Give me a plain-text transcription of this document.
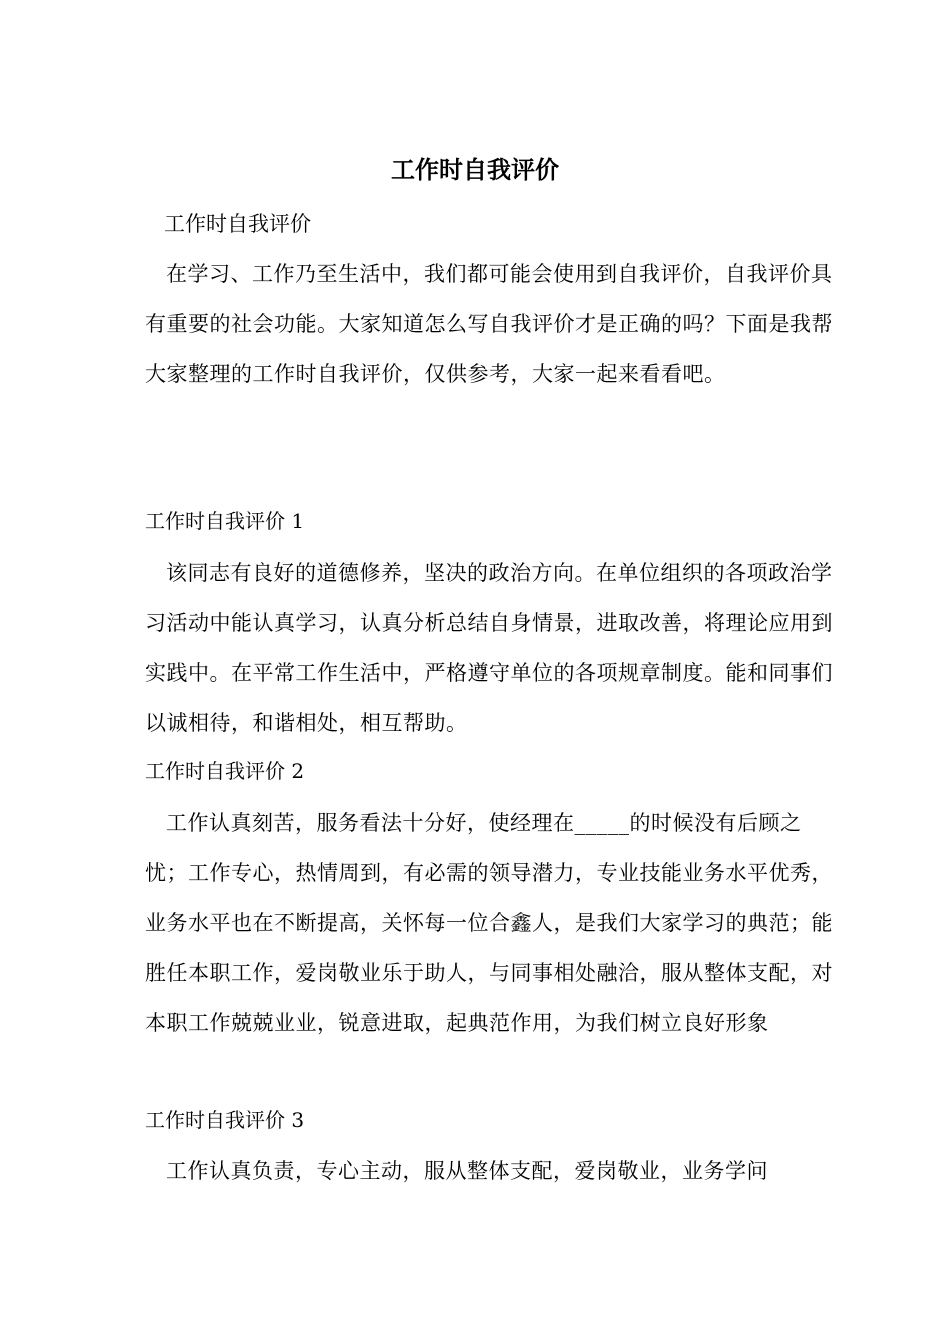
工作时自我评价
工作时自我评价

在学习、工作乃至生活中，我们都可能会使用到自我评价，自我评价具有重要的社会功能。大家知道怎么写自我评价才是正确的吗？下面是我帮大家整理的工作时自我评价，仅供参考，大家一起来看看吧。

工作时自我评价 1

该同志有良好的道德修养，坚决的政治方向。在单位组织的各项政治学习活动中能认真学习，认真分析总结自身情景，进取改善，将理论应用到实践中。在平常工作生活中，严格遵守单位的各项规章制度。能和同事们以诚相待，和谐相处，相互帮助。

工作时自我评价 2

工作认真刻苦，服务看法十分好，使经理在_____的时候没有后顾之忧；工作专心，热情周到，有必需的领导潜力，专业技能业务水平优秀，业务水平也在不断提高，关怀每一位合鑫人，是我们大家学习的典范；能胜任本职工作，爱岗敬业乐于助人，与同事相处融洽，服从整体支配，对本职工作兢兢业业，锐意进取，起典范作用，为我们树立良好形象

工作时自我评价 3

工作认真负责，专心主动，服从整体支配，爱岗敬业，业务学问
